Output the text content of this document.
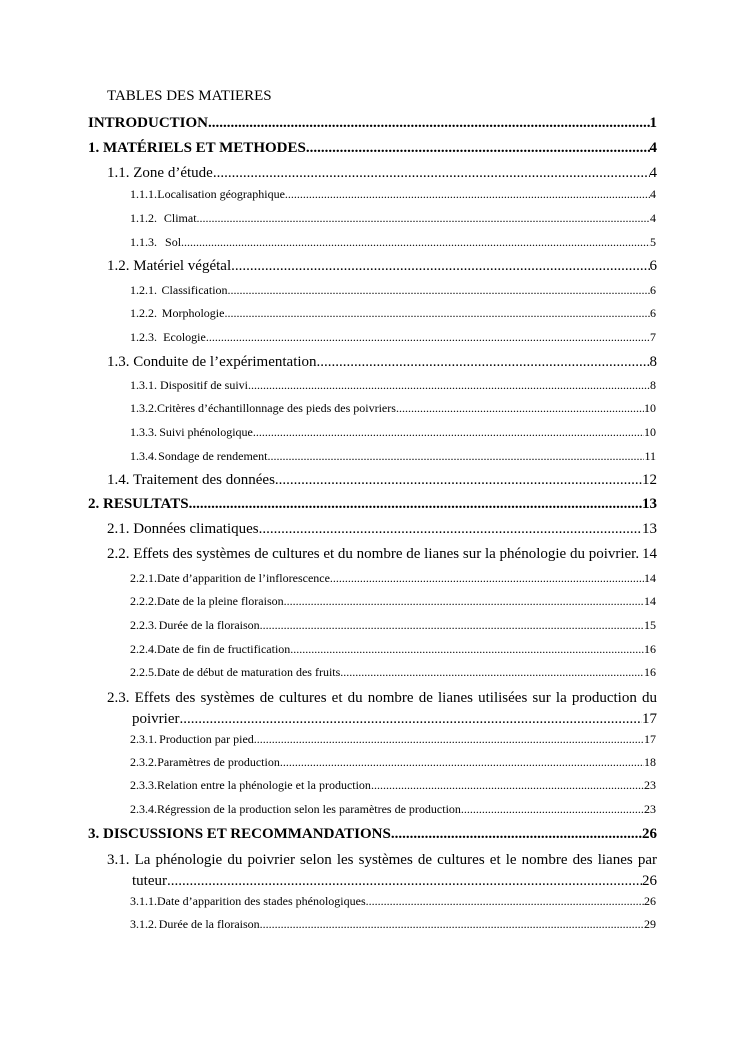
TABLES DES MATIERES
INTRODUCTION .....	1
1. MATÉRIELS ET METHODES .....	4
1.1. Zone d’étude .....	4
1.1.1. Localisation géographique .....	4
1.1.2. Climat .....	4
1.1.3. Sol .....	5
1.2. Matériel végétal .....	6
1.2.1. Classification .....	6
1.2.2. Morphologie .....	6
1.2.3. Ecologie .....	7
1.3. Conduite de l’expérimentation .....	8
1.3.1. Dispositif de suivi .....	8
1.3.2. Critères d’échantillonnage des pieds des poivriers .....	10
1.3.3. Suivi phénologique .....	10
1.3.4. Sondage de rendement .....	11
1.4. Traitement des données .....	12
2. RESULTATS .....	13
2.1. Données climatiques .....	13
2.2. Effets des systèmes de cultures et du nombre de lianes sur la phénologie du poivrier. 14
2.2.1. Date d’apparition de l’inflorescence .....	14
2.2.2. Date de la pleine floraison .....	14
2.2.3. Durée de la floraison .....	15
2.2.4. Date de fin de fructification .....	16
2.2.5. Date de début de maturation des fruits .....	16
2.3. Effets des systèmes de cultures et du nombre de lianes utilisées sur la production du
poivrier .....	17
2.3.1. Production par pied .....	17
2.3.2. Paramètres de production .....	18
2.3.3. Relation entre la phénologie et la production .....	23
2.3.4. Régression de la production selon les paramètres de production .....	23
3. DISCUSSIONS ET RECOMMANDATIONS .....	26
3.1. La phénologie du poivrier selon les systèmes de cultures et le nombre des lianes par
tuteur .....	26
3.1.1. Date d’apparition des stades phénologiques .....	26
3.1.2. Durée de la floraison .....	29
